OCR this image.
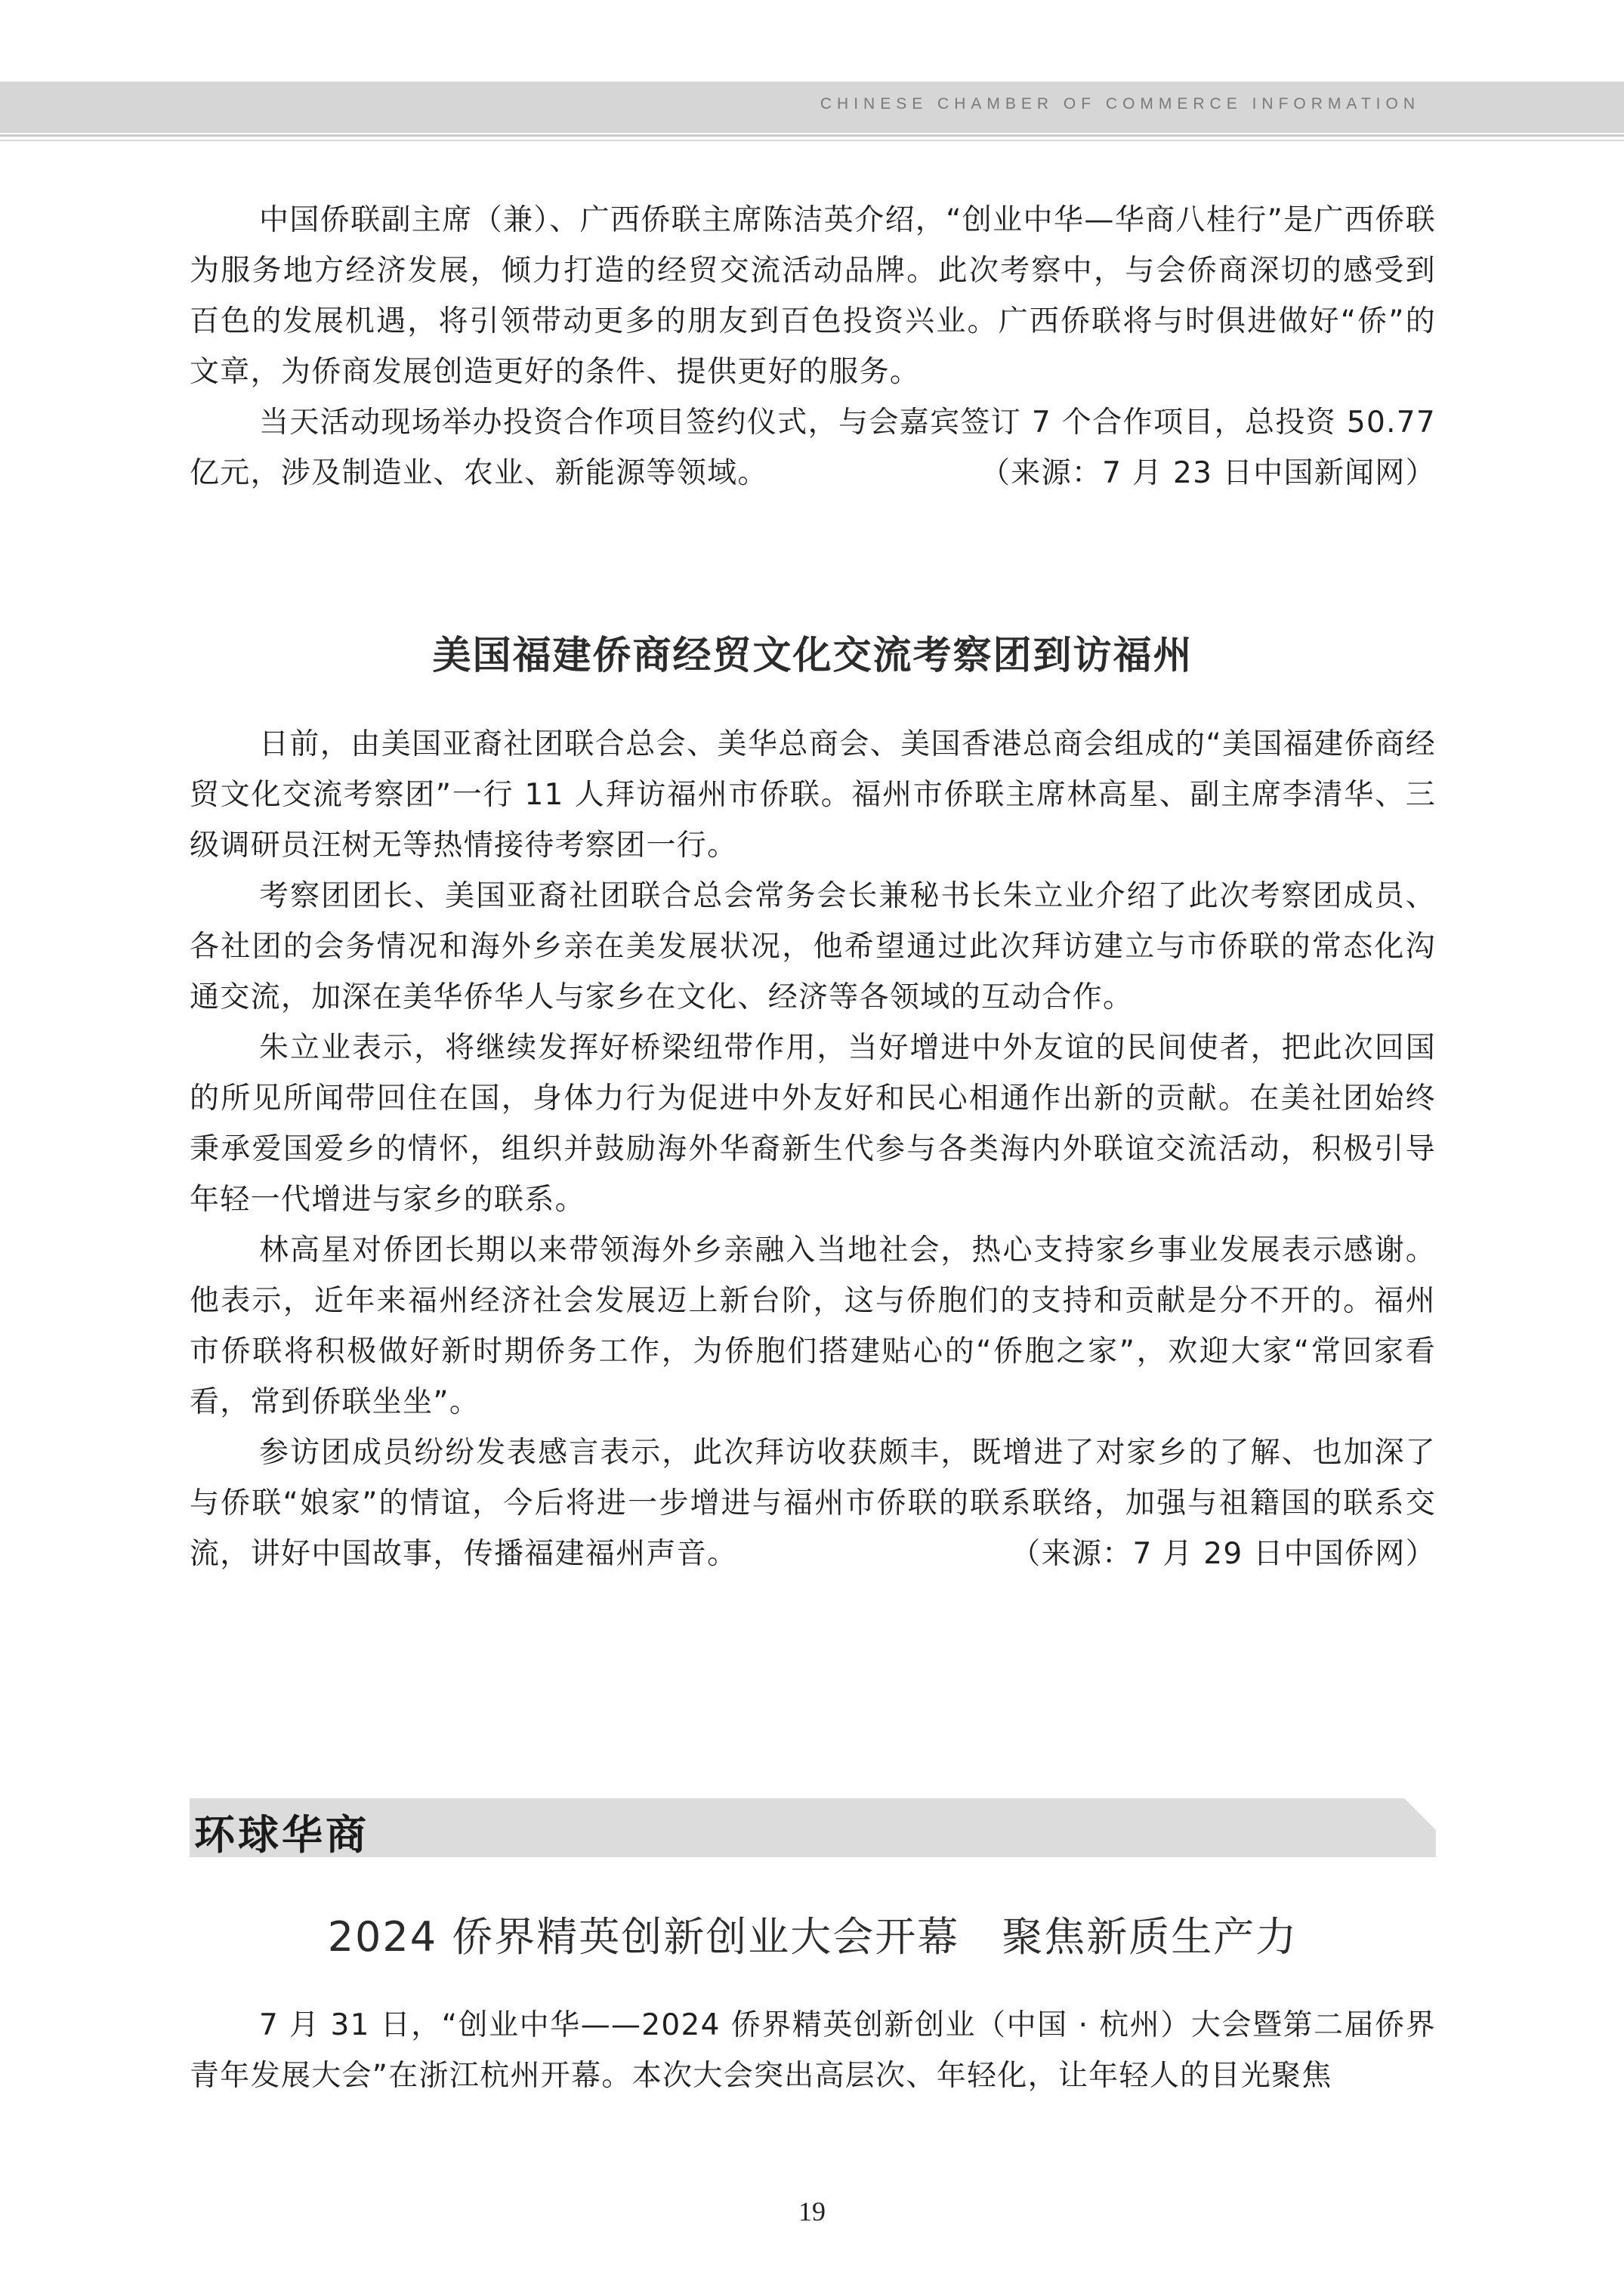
CHINESE CHAMBER OF COMMERCE INFORMATION

中国侨联副主席（兼）、广西侨联主席陈洁英介绍，“创业中华—华商八桂行”是广西侨联为服务地方经济发展，倾力打造的经贸交流活动品牌。此次考察中，与会侨商深切的感受到百色的发展机遇，将引领带动更多的朋友到百色投资兴业。广西侨联将与时俱进做好“侨”的文章，为侨商发展创造更好的条件、提供更好的服务。

当天活动现场举办投资合作项目签约仪式，与会嘉宾签订 7 个合作项目，总投资 50.77 亿元，涉及制造业、农业、新能源等领域。	（来源：7 月 23 日中国新闻网）

美国福建侨商经贸文化交流考察团到访福州

日前，由美国亚裔社团联合总会、美华总商会、美国香港总商会组成的“美国福建侨商经贸文化交流考察团”一行 11 人拜访福州市侨联。福州市侨联主席林高星、副主席李清华、三级调研员汪树无等热情接待考察团一行。

考察团团长、美国亚裔社团联合总会常务会长兼秘书长朱立业介绍了此次考察团成员、各社团的会务情况和海外乡亲在美发展状况，他希望通过此次拜访建立与市侨联的常态化沟通交流，加深在美华侨华人与家乡在文化、经济等各领域的互动合作。

朱立业表示，将继续发挥好桥梁纽带作用，当好增进中外友谊的民间使者，把此次回国的所见所闻带回住在国，身体力行为促进中外友好和民心相通作出新的贡献。在美社团始终秉承爱国爱乡的情怀，组织并鼓励海外华裔新生代参与各类海内外联谊交流活动，积极引导年轻一代增进与家乡的联系。

林高星对侨团长期以来带领海外乡亲融入当地社会，热心支持家乡事业发展表示感谢。他表示，近年来福州经济社会发展迈上新台阶，这与侨胞们的支持和贡献是分不开的。福州市侨联将积极做好新时期侨务工作，为侨胞们搭建贴心的“侨胞之家”，欢迎大家“常回家看看，常到侨联坐坐”。

参访团成员纷纷发表感言表示，此次拜访收获颇丰，既增进了对家乡的了解、也加深了与侨联“娘家”的情谊，今后将进一步增进与福州市侨联的联系联络，加强与祖籍国的联系交流，讲好中国故事，传播福建福州声音。	（来源：7 月 29 日中国侨网）

环球华商
2024 侨界精英创新创业大会开幕　聚焦新质生产力

7 月 31 日，“创业中华——2024 侨界精英创新创业（中国 · 杭州）大会暨第二届侨界青年发展大会”在浙江杭州开幕。本次大会突出高层次、年轻化，让年轻人的目光聚焦

19
